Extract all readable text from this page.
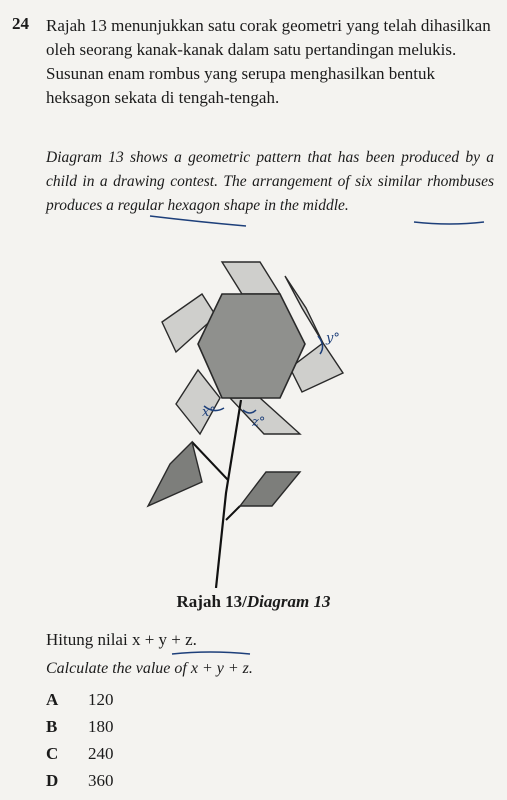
24 Rajah 13 menunjukkan satu corak geometri yang telah dihasilkan oleh seorang kanak-kanak dalam satu pertandingan melukis. Susunan enam rombus yang serupa menghasilkan bentuk heksagon sekata di tengah-tengah.

Diagram 13 shows a geometric pattern that has been produced by a child in a drawing contest. The arrangement of six similar rhombuses produces a regular hexagon shape in the middle.

y°
x°
z°
Rajah 13/Diagram 13
Hitung nilai x + y + z.
Calculate the value of x + y + z.
A	120
B	180
C	240
D	360
